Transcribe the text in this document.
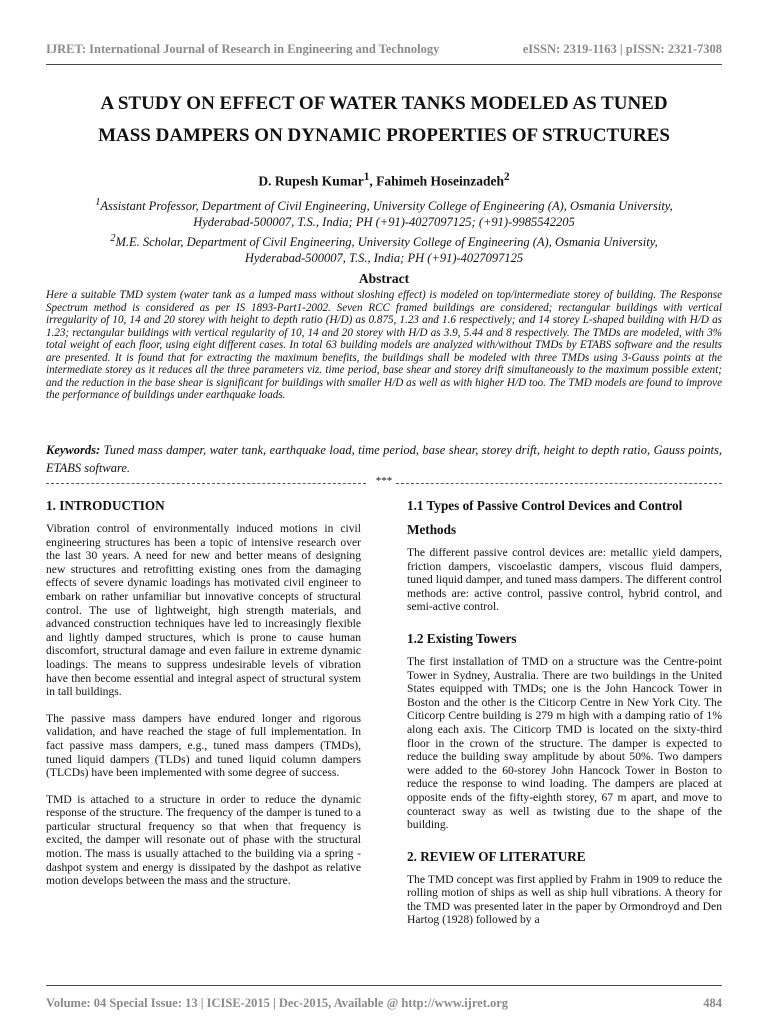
IJRET: International Journal of Research in Engineering and Technology	eISSN: 2319-1163 | pISSN: 2321-7308
A STUDY ON EFFECT OF WATER TANKS MODELED AS TUNED
MASS DAMPERS ON DYNAMIC PROPERTIES OF STRUCTURES
D. Rupesh Kumar$^1$, Fahimeh Hoseinzadeh$^2$
$^1$Assistant Professor, Department of Civil Engineering, University College of Engineering (A), Osmania University,
Hyderabad-500007, T.S., India; PH (+91)-4027097125; (+91)-9985542205
$^2$M.E. Scholar, Department of Civil Engineering, University College of Engineering (A), Osmania University,
Hyderabad-500007, T.S., India; PH (+91)-4027097125
Abstract
Here a suitable TMD system (water tank as a lumped mass without sloshing effect) is modeled on top/intermediate storey of building. The Response Spectrum method is considered as per IS 1893-Part1-2002. Seven RCC framed buildings are considered; rectangular buildings with vertical irregularity of 10, 14 and 20 storey with height to depth ratio (H/D) as 0.875, 1.23 and 1.6 respectively; and 14 storey L-shaped building with H/D as 1.23; rectangular buildings with vertical regularity of 10, 14 and 20 storey with H/D as 3.9, 5.44 and 8 respectively. The TMDs are modeled, with 3% total weight of each floor, using eight different cases. In total 63 building models are analyzed with/without TMDs by ETABS software and the results are presented. It is found that for extracting the maximum benefits, the buildings shall be modeled with three TMDs using 3-Gauss points at the intermediate storey as it reduces all the three parameters viz. time period, base shear and storey drift simultaneously to the maximum possible extent; and the reduction in the base shear is significant for buildings with smaller H/D as well as with higher H/D too. The TMD models are found to improve the performance of buildings under earthquake loads.
Keywords: Tuned mass damper, water tank, earthquake load, time period, base shear, storey drift, height to depth ratio, Gauss points, ETABS software.
***
1. INTRODUCTION

Vibration control of environmentally induced motions in civil engineering structures has been a topic of intensive research over the last 30 years. A need for new and better means of designing new structures and retrofitting existing ones from the damaging effects of severe dynamic loadings has motivated civil engineer to embark on rather unfamiliar but innovative concepts of structural control. The use of lightweight, high strength materials, and advanced construction techniques have led to increasingly flexible and lightly damped structures, which is prone to cause human discomfort, structural damage and even failure in extreme dynamic loadings. The means to suppress undesirable levels of vibration have then become essential and integral aspect of structural system in tall buildings.

The passive mass dampers have endured longer and rigorous validation, and have reached the stage of full implementation. In fact passive mass dampers, e.g., tuned mass dampers (TMDs), tuned liquid dampers (TLDs) and tuned liquid column dampers (TLCDs) have been implemented with some degree of success.

TMD is attached to a structure in order to reduce the dynamic response of the structure. The frequency of the damper is tuned to a particular structural frequency so that when that frequency is excited, the damper will resonate out of phase with the structural motion. The mass is usually attached to the building via a spring -dashpot system and energy is dissipated by the dashpot as relative motion develops between the mass and the structure.

1.1 Types of Passive Control Devices and Control Methods

The different passive control devices are: metallic yield dampers, friction dampers, viscoelastic dampers, viscous fluid dampers, tuned liquid damper, and tuned mass dampers. The different control methods are: active control, passive control, hybrid control, and semi-active control.

1.2 Existing Towers

The first installation of TMD on a structure was the Centre-point Tower in Sydney, Australia. There are two buildings in the United States equipped with TMDs; one is the John Hancock Tower in Boston and the other is the Citicorp Centre in New York City. The Citicorp Centre building is 279 m high with a damping ratio of 1% along each axis. The Citicorp TMD is located on the sixty-third floor in the crown of the structure. The damper is expected to reduce the building sway amplitude by about 50%. Two dampers were added to the 60-storey John Hancock Tower in Boston to reduce the response to wind loading. The dampers are placed at opposite ends of the fifty-eighth storey, 67 m apart, and move to counteract sway as well as twisting due to the shape of the building.

2. REVIEW OF LITERATURE

The TMD concept was first applied by Frahm in 1909 to reduce the rolling motion of ships as well as ship hull vibrations. A theory for the TMD was presented later in the paper by Ormondroyd and Den Hartog (1928) followed by a

Volume: 04 Special Issue: 13 | ICISE-2015 | Dec-2015, Available @ http://www.ijret.org	484
